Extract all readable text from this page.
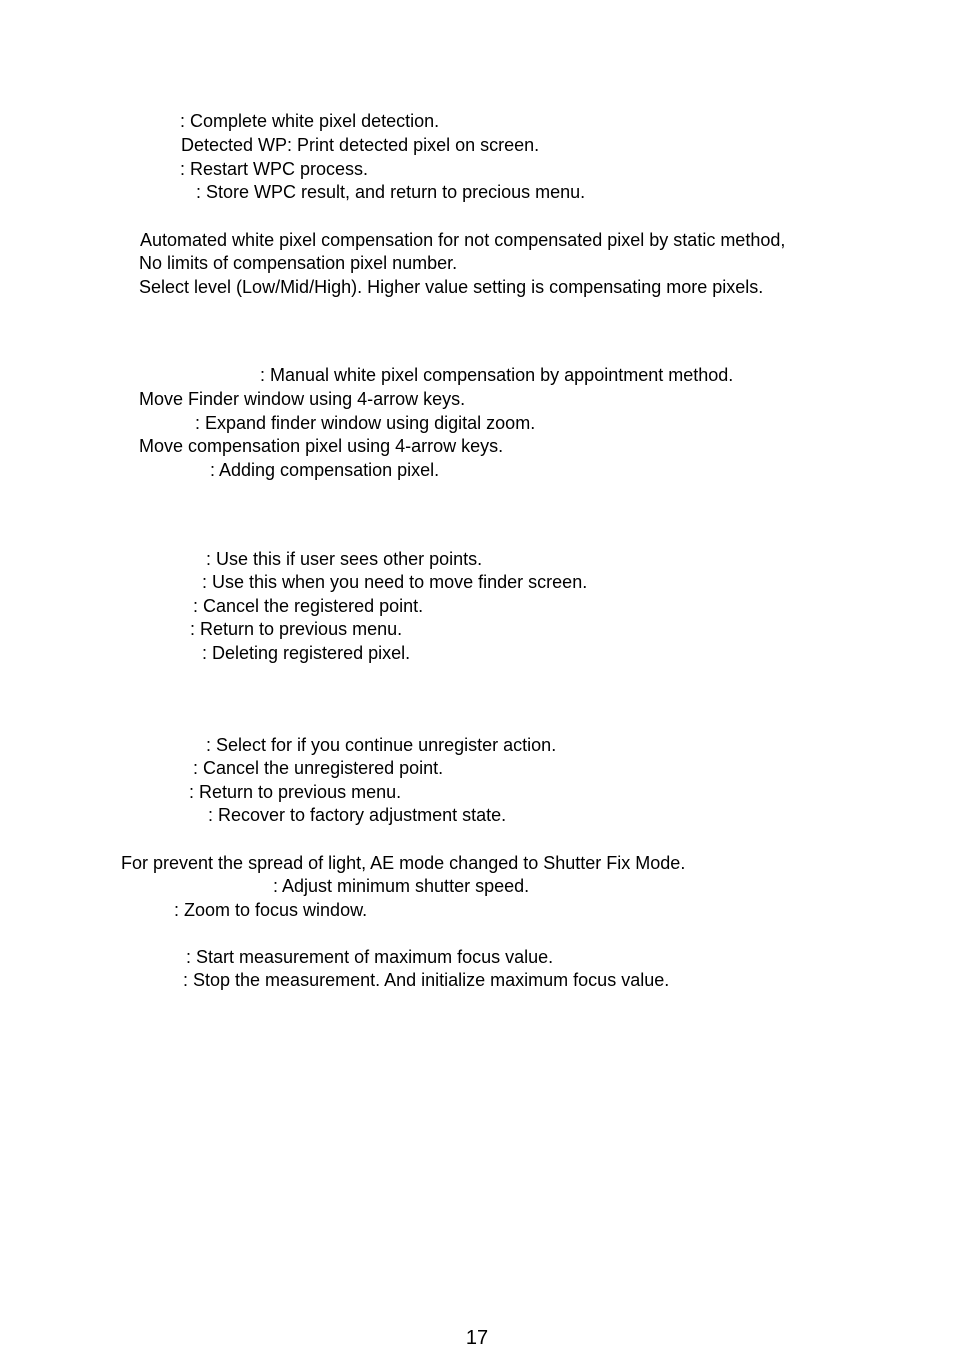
: Complete white pixel detection.
Detected WP: Print detected pixel on screen.
: Restart WPC process.
: Store WPC result, and return to precious menu.
Automated white pixel compensation for not compensated pixel by static method,
No limits of compensation pixel number.
Select level (Low/Mid/High). Higher value setting is compensating more pixels.
: Manual white pixel compensation by appointment method.
Move Finder window using 4-arrow keys.
: Expand finder window using digital zoom.
Move compensation pixel using 4-arrow keys.
: Adding compensation pixel.
: Use this if user sees other points.
: Use this when you need to move finder screen.
: Cancel the registered point.
: Return to previous menu.
: Deleting registered pixel.
: Select for if you continue unregister action.
: Cancel the unregistered point.
: Return to previous menu.
: Recover to factory adjustment state.
For prevent the spread of light, AE mode changed to Shutter Fix Mode.
: Adjust minimum shutter speed.
: Zoom to focus window.
: Start measurement of maximum focus value.
: Stop the measurement. And initialize maximum focus value.
17
